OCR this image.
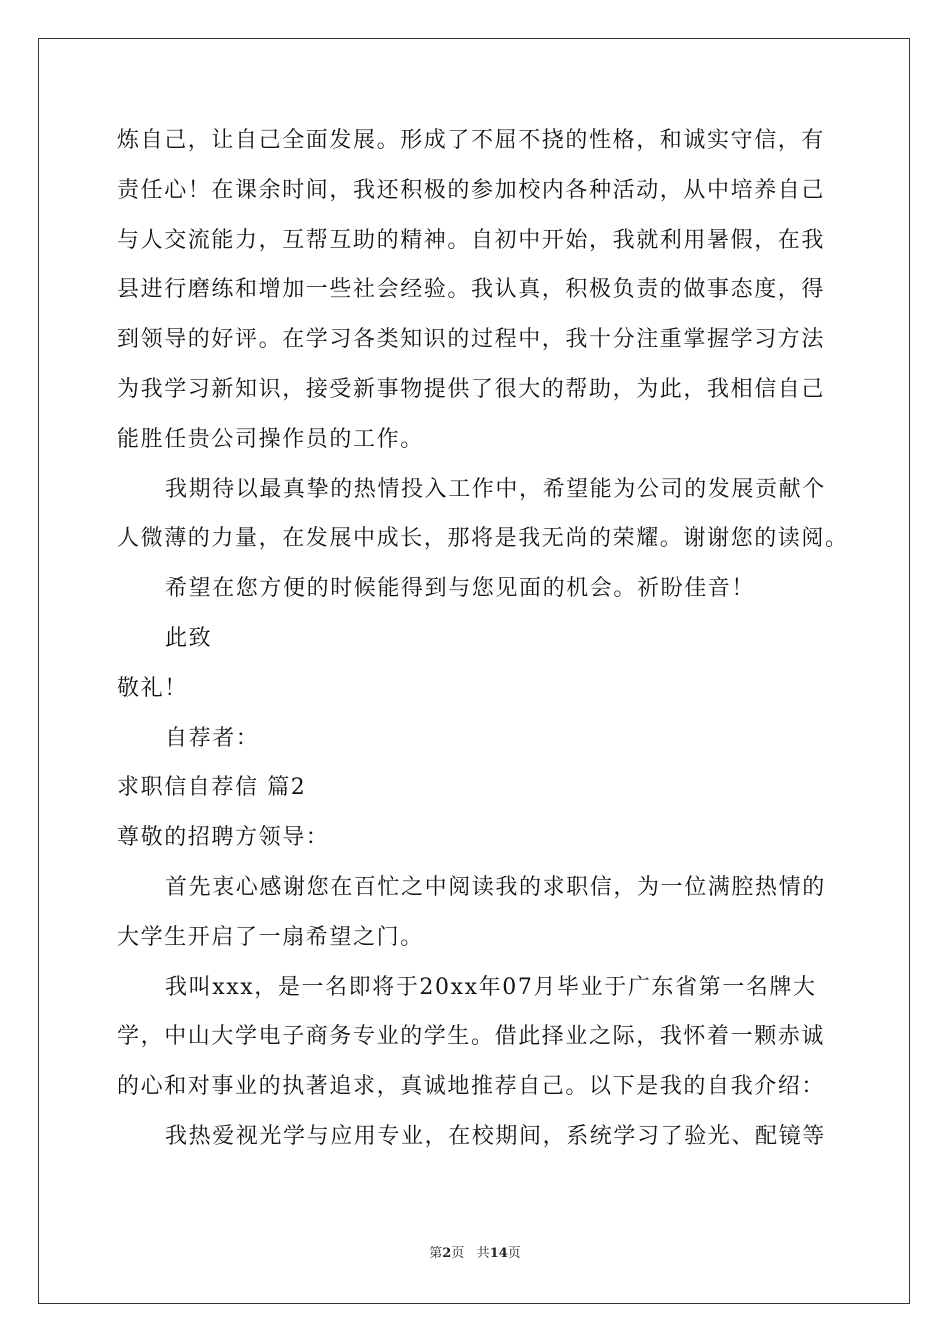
炼自己，让自己全面发展。形成了不屈不挠的性格，和诚实守信，有
责任心！在课余时间，我还积极的参加校内各种活动，从中培养自己
与人交流能力，互帮互助的精神。自初中开始，我就利用暑假，在我
县进行磨练和增加一些社会经验。我认真，积极负责的做事态度，得
到领导的好评。在学习各类知识的过程中，我十分注重掌握学习方法
为我学习新知识，接受新事物提供了很大的帮助，为此，我相信自己
能胜任贵公司操作员的工作。
我期待以最真挚的热情投入工作中，希望能为公司的发展贡献个
人微薄的力量，在发展中成长，那将是我无尚的荣耀。谢谢您的读阅。
希望在您方便的时候能得到与您见面的机会。祈盼佳音！
此致
敬礼！
自荐者：
求职信自荐信 篇2
尊敬的招聘方领导：
首先衷心感谢您在百忙之中阅读我的求职信，为一位满腔热情的
大学生开启了一扇希望之门。
我叫xxx，是一名即将于20xx年07月毕业于广东省第一名牌大
学，中山大学电子商务专业的学生。借此择业之际，我怀着一颗赤诚
的心和对事业的执著追求，真诚地推荐自己。以下是我的自我介绍：
我热爱视光学与应用专业，在校期间，系统学习了验光、配镜等
第2页 共14页
